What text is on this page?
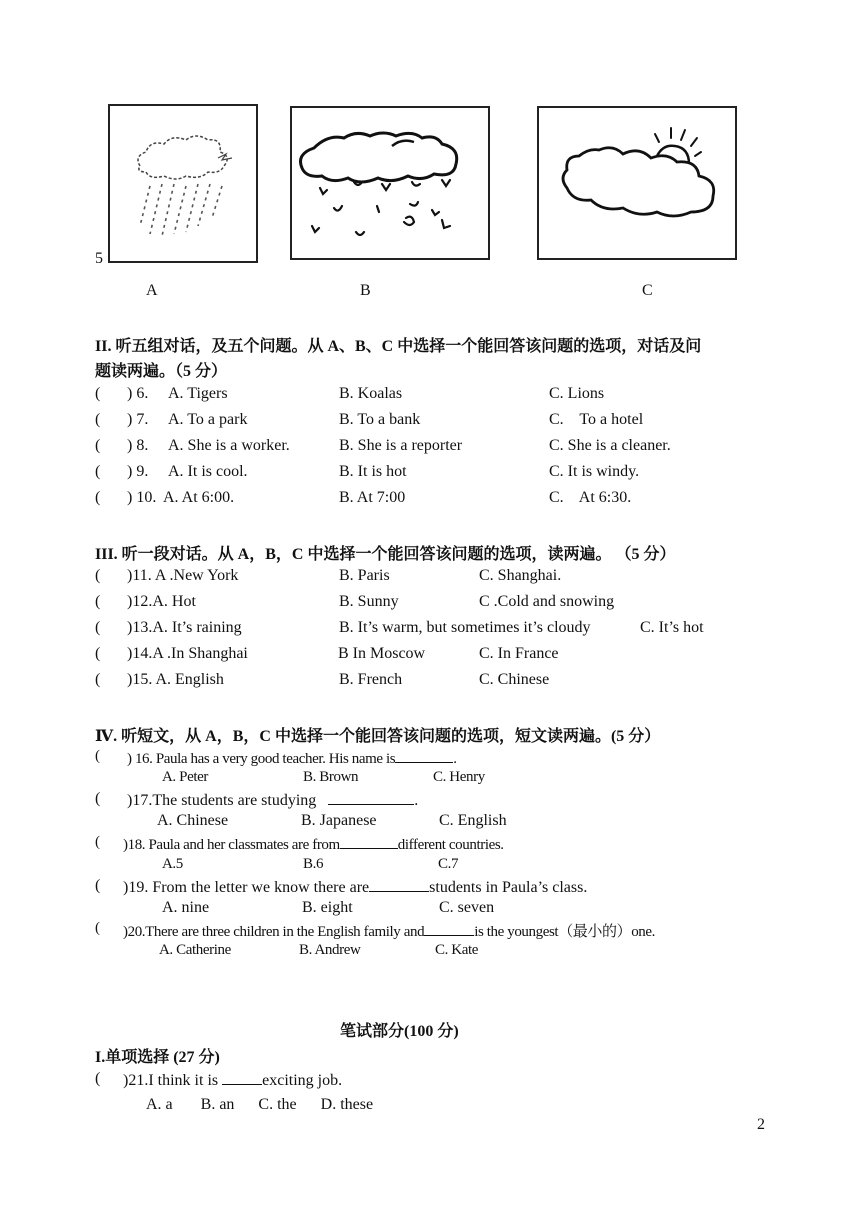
5
A	B	C
II. 听五组对话，及五个问题。从 A、B、C 中选择一个能回答该问题的选项，对话及问
题读两遍。（5 分）
( ) 6. A. Tigers	B. Koalas	C. Lions
( ) 7. A. To a park	B. To a bank	C.    To a hotel
( ) 8. A. She is a worker.	B. She is a reporter	C. She is a cleaner.
( ) 9. A. It is cool.	B. It is hot	C. It is windy.
( ) 10. A. At 6:00.	B. At 7:00	C.    At 6:30.
III. 听一段对话。从 A，B，C 中选择一个能回答该问题的选项，读两遍。 （5 分）
( )11. A .New York	B. Paris	C. Shanghai.
( )12.A. Hot	B. Sunny	C .Cold and snowing
( )13.A. It’s raining	B. It’s warm, but sometimes it’s cloudy	C. It’s hot
( )14.A .In Shanghai	B In Moscow	C. In France
( )15. A. English	B. French	C. Chinese
Ⅳ. 听短文，从 A，B，C 中选择一个能回答该问题的选项，短文读两遍。(5 分）
( ) 16. Paula has a very good teacher. His name is	.
A. Peter	B. Brown	C. Henry
( )17.The students are studying	.
A. Chinese	B. Japanese	C. English
( )18. Paula and her classmates are from	different countries.
A.5	B.6	C.7
( )19. From the letter we know there are	students in Paula’s class.
A. nine	B. eight	C. seven
( )20.There are three children in the English family and	is the youngest（最小的）one.
A. Catherine	B. Andrew	C. Kate
笔试部分(100 分)
I.单项选择 (27 分)
( )21.I think it is	exciting job.
A. a       B. an      C. the      D. these
2
